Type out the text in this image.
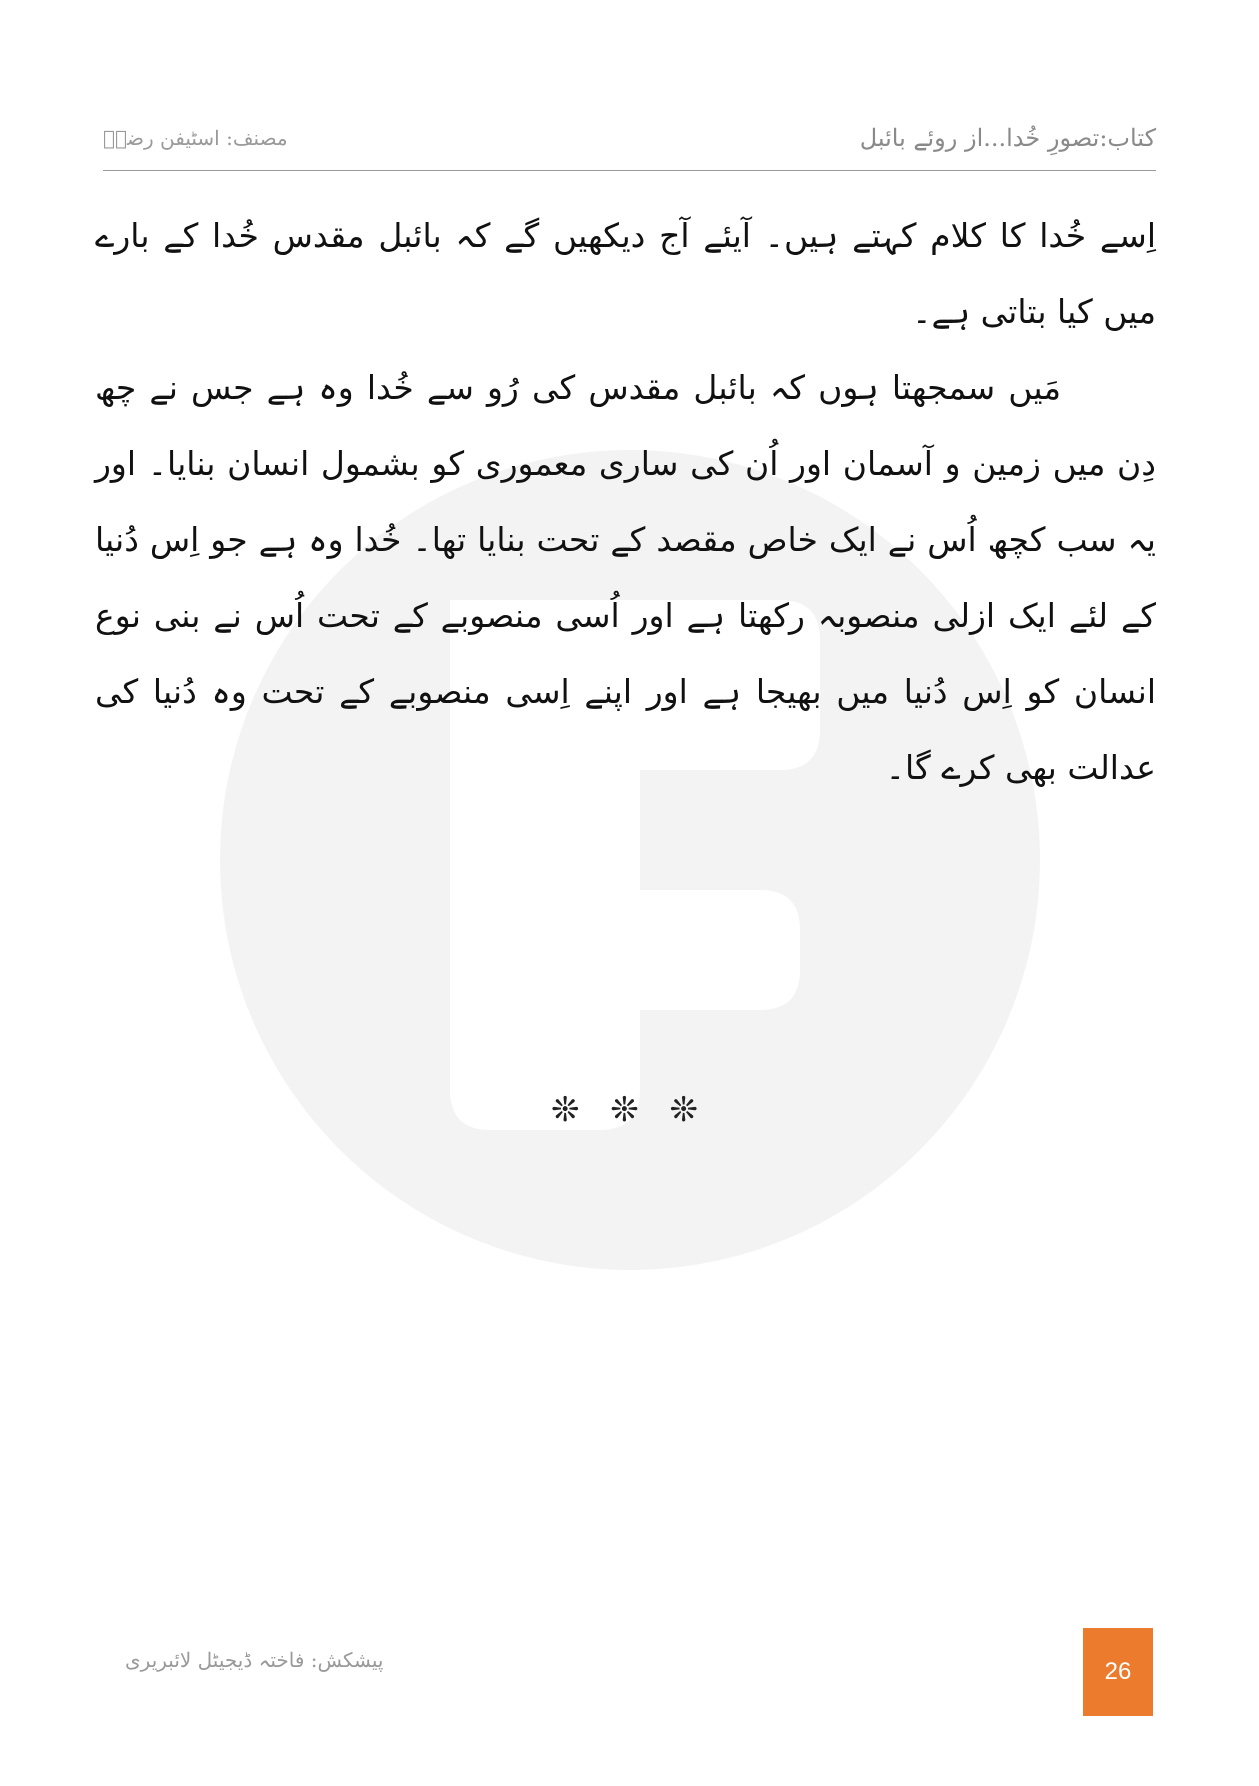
کتاب:تصورِ خُدا...از روئے بائبل
مصنف: اسٹیفن رضاؔ

اِسے خُدا کا کلام کہتے ہیں۔ آیئے آج دیکھیں گے کہ بائبل مقدس خُدا کے بارے میں کیا بتاتی ہے۔

مَیں سمجھتا ہوں کہ بائبل مقدس کی رُو سے خُدا وہ ہے جس نے چھ دِن میں زمین و آسمان اور اُن کی ساری معموری کو بشمول انسان بنایا۔ اور یہ سب کچھ اُس نے ایک خاص مقصد کے تحت بنایا تھا۔ خُدا وہ ہے جو اِس دُنیا کے لئے ایک ازلی منصوبہ رکھتا ہے اور اُسی منصوبے کے تحت اُس نے بنی نوع انسان کو اِس دُنیا میں بھیجا ہے اور اپنے اِسی منصوبے کے تحت وہ دُنیا کی عدالت بھی کرے گا۔

❊ ❊ ❊
پیشکش: فاختہ ڈیجیٹل لائبریری	26
